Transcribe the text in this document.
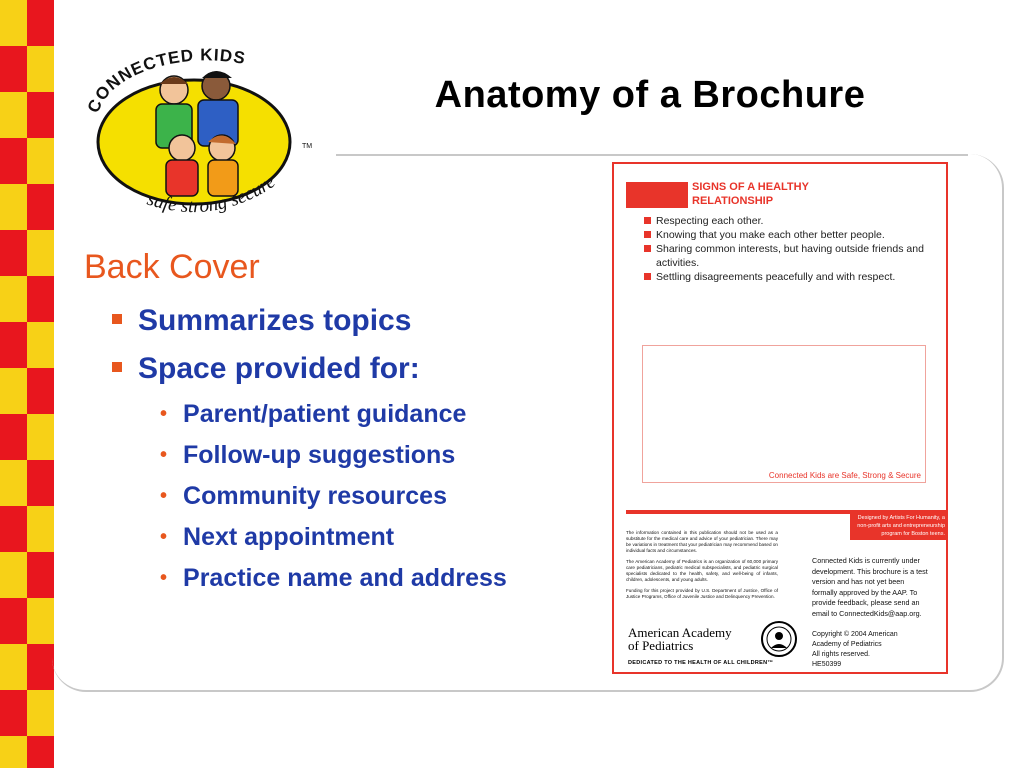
CONNECTED KIDS
safe strong secure
TM
Anatomy of a Brochure
Back Cover
Summarizes topics
Space provided for:
• Parent/patient guidance
• Follow-up suggestions
• Community resources
• Next appointment
• Practice name and address
SIGNS OF A HEALTHY
RELATIONSHIP
Respecting each other.
Knowing that you make each other better people.
Sharing common interests, but having outside friends and activities.
Settling disagreements peacefully and with respect.
Connected Kids are Safe, Strong & Secure
Designed by Artists For Humanity, a non-profit arts and entrepreneurship program for Boston teens.

The information contained in this publication should not be used as a substitute for the medical care and advice of your pediatrician. There may be variations in treatment that your pediatrician may recommend based on individual facts and circumstances.

The American Academy of Pediatrics is an organization of 60,000 primary care pediatricians, pediatric medical subspecialists, and pediatric surgical specialists dedicated to the health, safety, and well-being of infants, children, adolescents, and young adults.

Funding for this project provided by U.S. Department of Justice, Office of Justice Programs, Office of Juvenile Justice and Delinquency Prevention.

Connected Kids is currently under development. This brochure is a test version and has not yet been formally approved by the AAP. To provide feedback, please send an email to ConnectedKids@aap.org.
Copyright © 2004 American
Academy of Pediatrics
All rights reserved.
HE50399
American Academy
of Pediatrics
DEDICATED TO THE HEALTH OF ALL CHILDREN™
